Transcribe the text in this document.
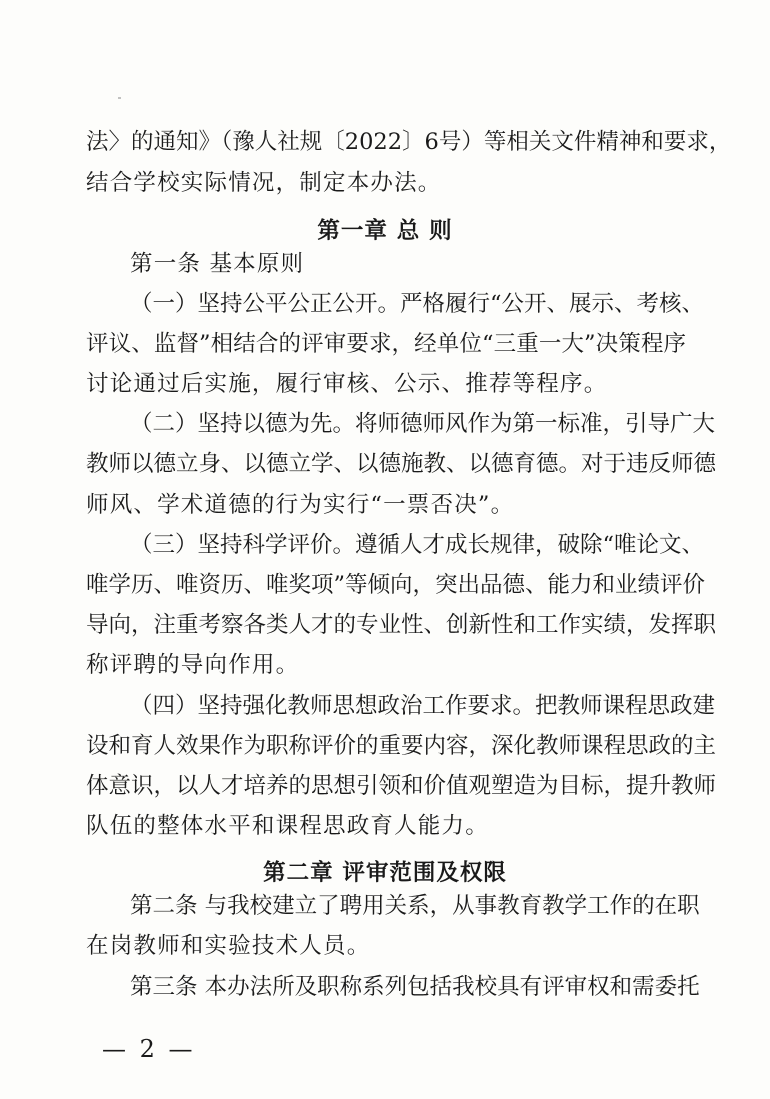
法〉的通知》（豫人社规〔2022〕6号）等相关文件精神和要求，
结合学校实际情况，制定本办法。
第一章 总 则
第一条 基本原则
（一）坚持公平公正公开。严格履行“公开、展示、考核、
评议、监督”相结合的评审要求，经单位“三重一大”决策程序
讨论通过后实施，履行审核、公示、推荐等程序。
（二）坚持以德为先。将师德师风作为第一标准，引导广大
教师以德立身、以德立学、以德施教、以德育德。对于违反师德
师风、学术道德的行为实行“一票否决”。
（三）坚持科学评价。遵循人才成长规律，破除“唯论文、
唯学历、唯资历、唯奖项”等倾向，突出品德、能力和业绩评价
导向，注重考察各类人才的专业性、创新性和工作实绩，发挥职
称评聘的导向作用。
（四）坚持强化教师思想政治工作要求。把教师课程思政建
设和育人效果作为职称评价的重要内容，深化教师课程思政的主
体意识，以人才培养的思想引领和价值观塑造为目标，提升教师
队伍的整体水平和课程思政育人能力。
第二章 评审范围及权限
第二条 与我校建立了聘用关系，从事教育教学工作的在职
在岗教师和实验技术人员。
第三条 本办法所及职称系列包括我校具有评审权和需委托
— 2 —
